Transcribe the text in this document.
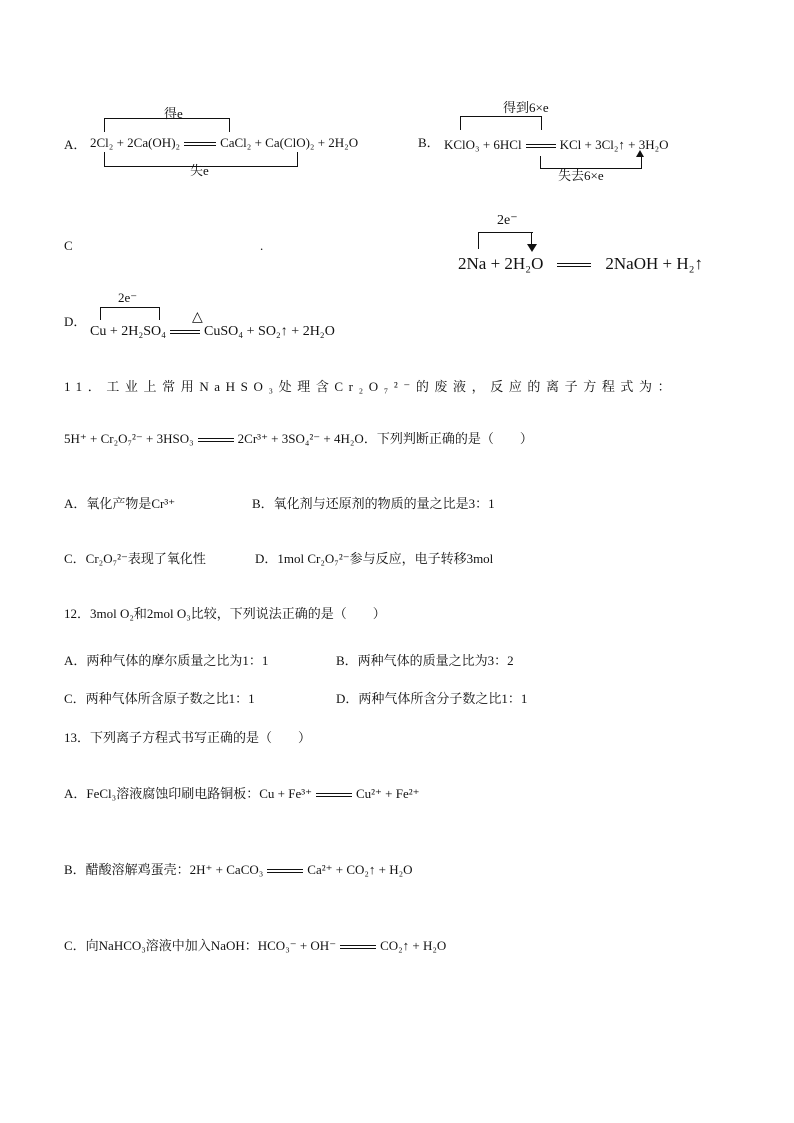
A．
得e
2Cl₂ + 2Ca(OH)₂	CaCl₂ + Ca(ClO)₂ + 2H₂O
失e
B．
得到6×e
KClO₃ + 6HCl	KCl + 3Cl₂↑ + 3H₂O
失去6×e
C	.
2e⁻
2Na + 2H₂O	2NaOH + H₂↑
D．
2e⁻
△
Cu + 2H₂SO₄	CuSO₄ + SO₂↑ + 2H₂O
11．工业上常用NaHSO₃处理含Cr₂O₇²⁻的废液，反应的离子方程式为：
5H⁺ + Cr₂O₇²⁻ + 3HSO₃	2Cr³⁺ + 3SO₄²⁻ + 4H₂O．下列判断正确的是（　　）
A．氧化产物是Cr³⁺	B．氧化剂与还原剂的物质的量之比是3：1
C．Cr₂O₇²⁻表现了氧化性	D．1mol Cr₂O₇²⁻参与反应，电子转移3mol
12．3mol O₂和2mol O₃比较，下列说法正确的是（　　）
A．两种气体的摩尔质量之比为1：1	B．两种气体的质量之比为3：2
C．两种气体所含原子数之比1：1	D．两种气体所含分子数之比1：1
13．下列离子方程式书写正确的是（　　）
A．FeCl₃溶液腐蚀印刷电路铜板：Cu + Fe³⁺	Cu²⁺ + Fe²⁺
B．醋酸溶解鸡蛋壳：2H⁺ + CaCO₃	Ca²⁺ + CO₂↑ + H₂O
C．向NaHCO₃溶液中加入NaOH：HCO₃⁻ + OH⁻	CO₂↑ + H₂O
